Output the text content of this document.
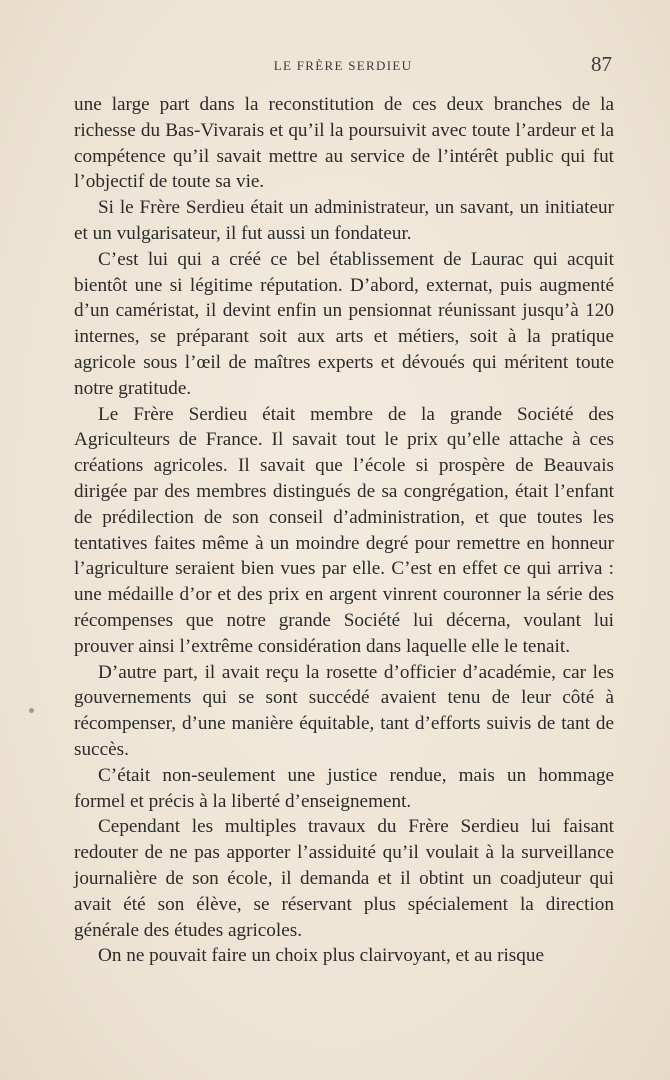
LE FRÈRE SERDIEU	87

une large part dans la reconstitution de ces deux branches de la richesse du Bas-Vivarais et qu’il la poursuivit avec toute l’ardeur et la compétence qu’il savait mettre au service de l’intérêt public qui fut l’objectif de toute sa vie.

Si le Frère Serdieu était un administrateur, un savant, un initiateur et un vulgarisateur, il fut aussi un fondateur.

C’est lui qui a créé ce bel établissement de Laurac qui acquit bientôt une si légitime réputation. D’abord, externat, puis augmenté d’un caméristat, il devint enfin un pensionnat réunissant jusqu’à 120 internes, se préparant soit aux arts et métiers, soit à la pratique agricole sous l’œil de maîtres experts et dévoués qui méritent toute notre gratitude.

Le Frère Serdieu était membre de la grande Société des Agriculteurs de France. Il savait tout le prix qu’elle attache à ces créations agricoles. Il savait que l’école si prospère de Beauvais dirigée par des membres distingués de sa congrégation, était l’enfant de prédilection de son conseil d’administration, et que toutes les tentatives faites même à un moindre degré pour remettre en honneur l’agriculture seraient bien vues par elle. C’est en effet ce qui arriva : une médaille d’or et des prix en argent vinrent couronner la série des récompenses que notre grande Société lui décerna, voulant lui prouver ainsi l’extrême considération dans laquelle elle le tenait.

D’autre part, il avait reçu la rosette d’officier d’académie, car les gouvernements qui se sont succédé avaient tenu de leur côté à récompenser, d’une manière équitable, tant d’efforts suivis de tant de succès.

C’était non-seulement une justice rendue, mais un hommage formel et précis à la liberté d’enseignement.

Cependant les multiples travaux du Frère Serdieu lui faisant redouter de ne pas apporter l’assiduité qu’il voulait à la surveillance journalière de son école, il demanda et il obtint un coadjuteur qui avait été son élève, se réservant plus spécialement la direction générale des études agricoles.

On ne pouvait faire un choix plus clairvoyant, et au risque
